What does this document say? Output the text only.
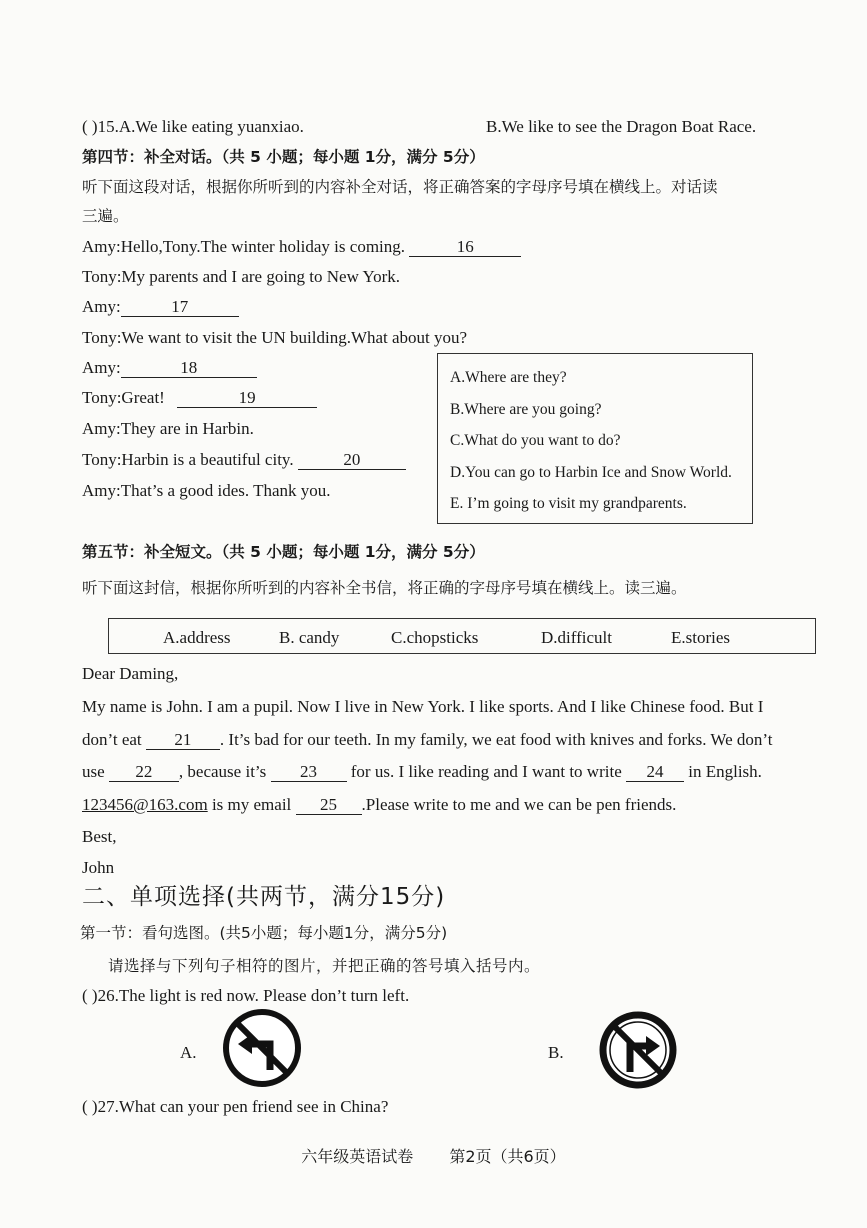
( )15.A.We like eating yuanxiao.	B.We like to see the Dragon Boat Race.
第四节：补全对话。（共 5 小题；每小题 1分，满分 5分）
听下面这段对话，根据你所听到的内容补全对话，将正确答案的字母序号填在横线上。对话读
三遍。
Amy:Hello,Tony.The winter holiday is coming.	16
Tony:My parents and I are going to New York.
Amy:	17
Tony:We want to visit the UN building.What about you?
Amy:	18
Tony:Great!	19
Amy:They are in Harbin.
Tony:Harbin is a beautiful city.	20
Amy:That’s a good ides. Thank you.
A.Where are they?
B.Where are you going?
C.What do you want to do?
D.You can go to Harbin Ice and Snow World.
E. I’m going to visit my grandparents.
第五节：补全短文。（共 5 小题；每小题 1分，满分 5分）
听下面这封信，根据你所听到的内容补全书信，将正确的字母序号填在横线上。读三遍。
A.address	B. candy	C.chopsticks	D.difficult	E.stories
Dear Daming,
My name is John. I am a pupil. Now I live in New York. I like sports. And I like Chinese food. But I
don’t eat 21 . It’s bad for our teeth. In my family, we eat food with knives and forks. We don’t
use 22 , because it’s 23 for us. I like reading and I want to write 24 in English.
123456@163.com is my email 25 .Please write to me and we can be pen friends.
Best,
John
二、单项选择(共两节，满分15分)
第一节：看句选图。(共5小题；每小题1分，满分5分)
请选择与下列句子相符的图片，并把正确的答号填入括号内。
( )26.The light is red now. Please don’t turn left.
A.	B.
( )27.What can your pen friend see in China?
六年级英语试卷 第2页（共6页）
